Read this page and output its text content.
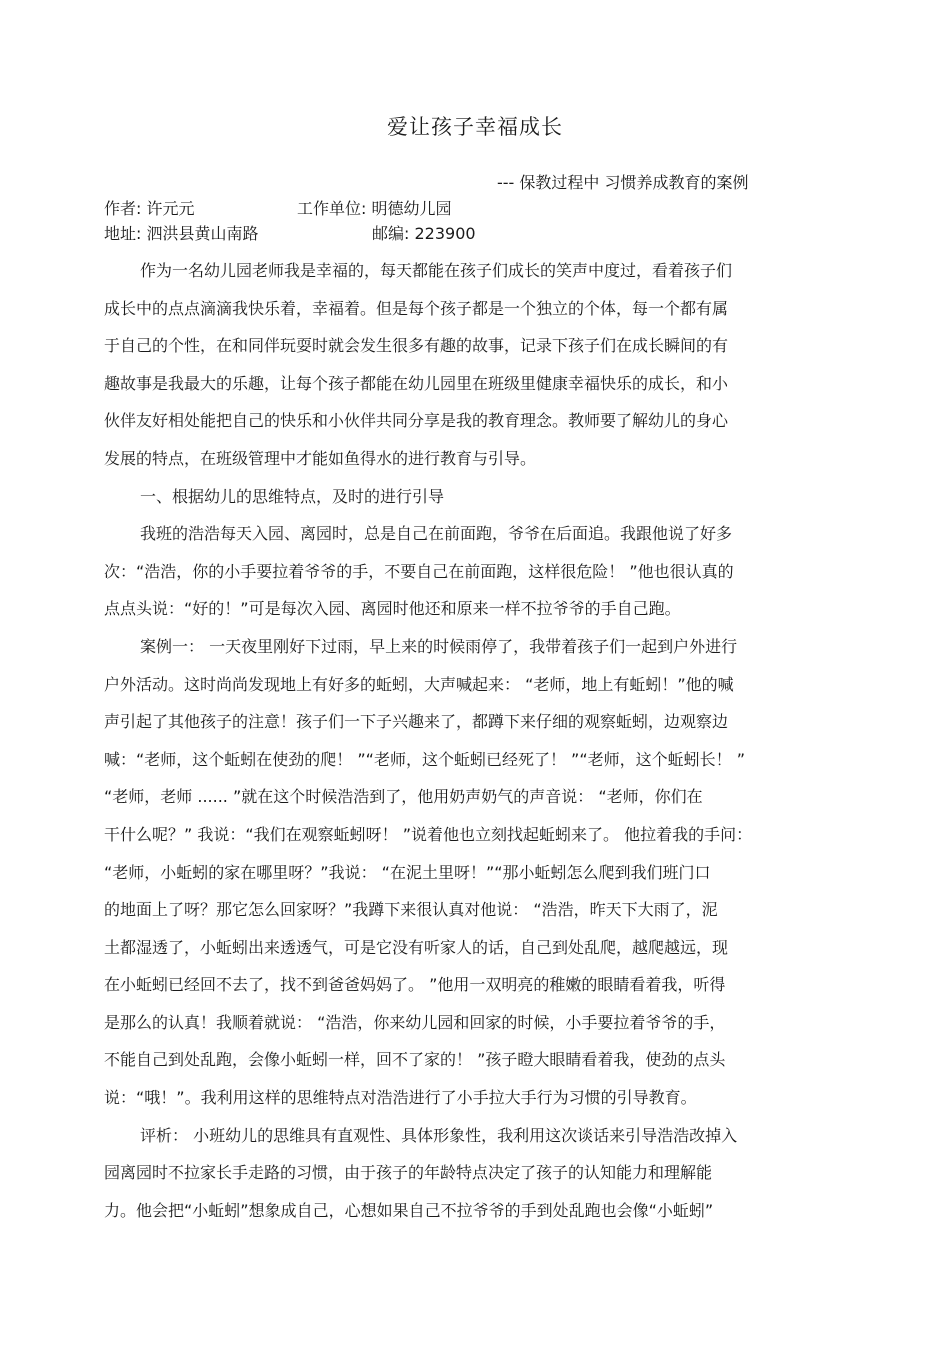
爱让孩子幸福成长
--- 保教过程中 习惯养成教育的案例
作者: 许元元	工作单位: 明德幼儿园
地址: 泗洪县黄山南路	邮编: 223900
作为一名幼儿园老师我是幸福的，每天都能在孩子们成长的笑声中度过，看着孩子们
成长中的点点滴滴我快乐着，幸福着。但是每个孩子都是一个独立的个体，每一个都有属
于自己的个性，在和同伴玩耍时就会发生很多有趣的故事，记录下孩子们在成长瞬间的有
趣故事是我最大的乐趣，让每个孩子都能在幼儿园里在班级里健康幸福快乐的成长，和小
伙伴友好相处能把自己的快乐和小伙伴共同分享是我的教育理念。教师要了解幼儿的身心
发展的特点，在班级管理中才能如鱼得水的进行教育与引导。
一、根据幼儿的思维特点，及时的进行引导
我班的浩浩每天入园、离园时，总是自己在前面跑，爷爷在后面追。我跟他说了好多
次：“浩浩，你的小手要拉着爷爷的手，不要自己在前面跑，这样很危险！ ”他也很认真的
点点头说：“好的！”可是每次入园、离园时他还和原来一样不拉爷爷的手自己跑。
案例一： 一天夜里刚好下过雨，早上来的时候雨停了，我带着孩子们一起到户外进行
户外活动。这时尚尚发现地上有好多的蚯蚓，大声喊起来： “老师，地上有蚯蚓！”他的喊
声引起了其他孩子的注意！孩子们一下子兴趣来了，都蹲下来仔细的观察蚯蚓，边观察边
喊：“老师，这个蚯蚓在使劲的爬！ ”“老师，这个蚯蚓已经死了！ ”“老师，这个蚯蚓长！ ”
“老师，老师 ...... ”就在这个时候浩浩到了，他用奶声奶气的声音说： “老师，你们在
干什么呢？” 我说：“我们在观察蚯蚓呀！ ”说着他也立刻找起蚯蚓来了。 他拉着我的手问：
“老师，小蚯蚓的家在哪里呀？”我说： “在泥土里呀！”“那小蚯蚓怎么爬到我们班门口
的地面上了呀？那它怎么回家呀？”我蹲下来很认真对他说： “浩浩，昨天下大雨了，泥
土都湿透了，小蚯蚓出来透透气，可是它没有听家人的话，自己到处乱爬，越爬越远，现
在小蚯蚓已经回不去了，找不到爸爸妈妈了。 ”他用一双明亮的稚嫩的眼睛看着我，听得
是那么的认真！我顺着就说： “浩浩，你来幼儿园和回家的时候，小手要拉着爷爷的手，
不能自己到处乱跑，会像小蚯蚓一样，回不了家的！ ”孩子瞪大眼睛看着我，使劲的点头
说：“哦！”。我利用这样的思维特点对浩浩进行了小手拉大手行为习惯的引导教育。
评析： 小班幼儿的思维具有直观性、具体形象性，我利用这次谈话来引导浩浩改掉入
园离园时不拉家长手走路的习惯，由于孩子的年龄特点决定了孩子的认知能力和理解能
力。他会把“小蚯蚓”想象成自己，心想如果自己不拉爷爷的手到处乱跑也会像“小蚯蚓”
